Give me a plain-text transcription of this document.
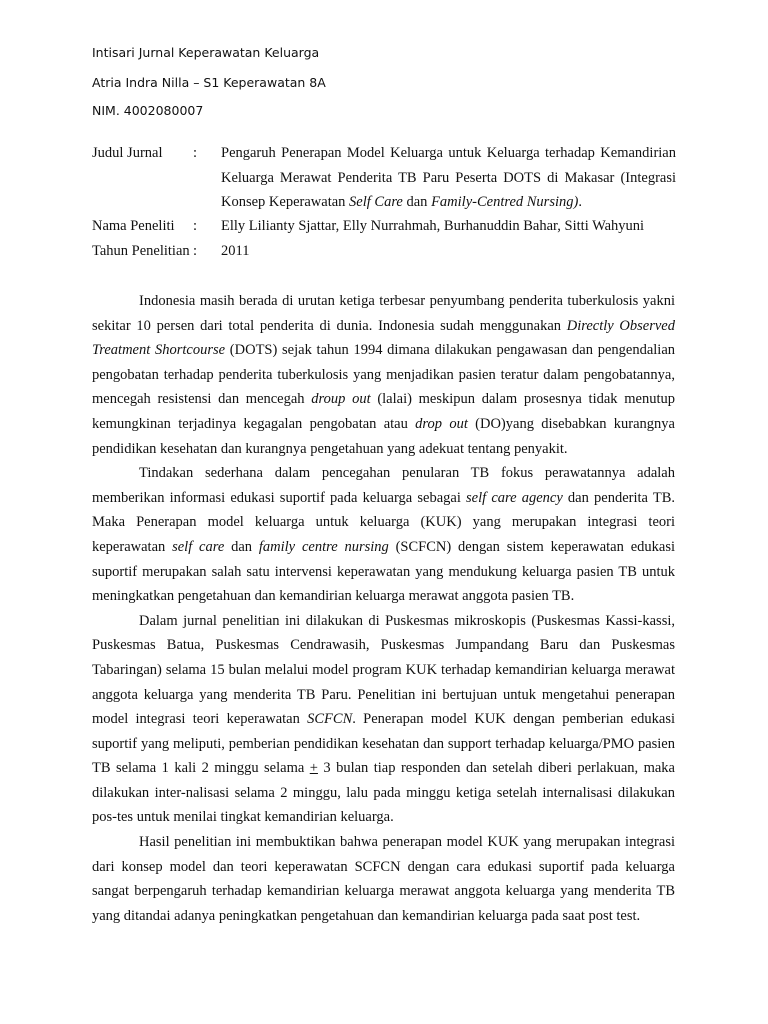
Intisari Jurnal Keperawatan Keluarga
Atria Indra Nilla – S1 Keperawatan 8A
NIM. 4002080007
Judul Jurnal	:	Pengaruh Penerapan Model Keluarga untuk Keluarga terhadap Kemandirian Keluarga Merawat Penderita TB Paru Peserta DOTS di Makasar (Integrasi Konsep Keperawatan Self Care dan Family-Centred Nursing).
Nama Peneliti	:	Elly Lilianty Sjattar, Elly Nurrahmah, Burhanuddin Bahar, Sitti Wahyuni
Tahun Penelitian :	2011

Indonesia masih berada di urutan ketiga terbesar penyumbang penderita tuberkulosis yakni sekitar 10 persen dari total penderita di dunia. Indonesia sudah menggunakan Directly Observed Treatment Shortcourse (DOTS) sejak tahun 1994 dimana dilakukan pengawasan dan pengendalian pengobatan terhadap penderita tuberkulosis yang menjadikan pasien teratur dalam pengobatannya, mencegah resistensi dan mencegah droup out (lalai) meskipun dalam prosesnya tidak menutup kemungkinan terjadinya kegagalan pengobatan atau drop out (DO)yang disebabkan kurangnya pendidikan kesehatan dan kurangnya pengetahuan yang adekuat tentang penyakit.

Tindakan sederhana dalam pencegahan penularan TB fokus perawatannya adalah memberikan informasi edukasi suportif pada keluarga sebagai self care agency dan penderita TB. Maka Penerapan model keluarga untuk keluarga (KUK) yang merupakan integrasi teori keperawatan self care dan family centre nursing (SCFCN) dengan sistem keperawatan edukasi suportif merupakan salah satu intervensi keperawatan yang mendukung keluarga pasien TB untuk meningkatkan pengetahuan dan kemandirian keluarga merawat anggota pasien TB.

Dalam jurnal penelitian ini dilakukan di Puskesmas mikroskopis (Puskesmas Kassi-kassi, Puskesmas Batua, Puskesmas Cendrawasih, Puskesmas Jumpandang Baru dan Puskesmas Tabaringan) selama 15 bulan melalui model program KUK terhadap kemandirian keluarga merawat anggota keluarga yang menderita TB Paru. Penelitian ini bertujuan untuk mengetahui penerapan model integrasi teori keperawatan SCFCN. Penerapan model KUK dengan pemberian edukasi suportif yang meliputi, pemberian pendidikan kesehatan dan support terhadap keluarga/PMO pasien TB selama 1 kali 2 minggu selama + 3 bulan tiap responden dan setelah diberi perlakuan, maka dilakukan inter-nalisasi selama 2 minggu, lalu pada minggu ketiga setelah internalisasi dilakukan pos-tes untuk menilai tingkat kemandirian keluarga.

Hasil penelitian ini membuktikan bahwa penerapan model KUK yang merupakan integrasi dari konsep model dan teori keperawatan SCFCN dengan cara edukasi suportif pada keluarga sangat berpengaruh terhadap kemandirian keluarga merawat anggota keluarga yang menderita TB yang ditandai adanya peningkatkan pengetahuan dan kemandirian keluarga pada saat post test.
